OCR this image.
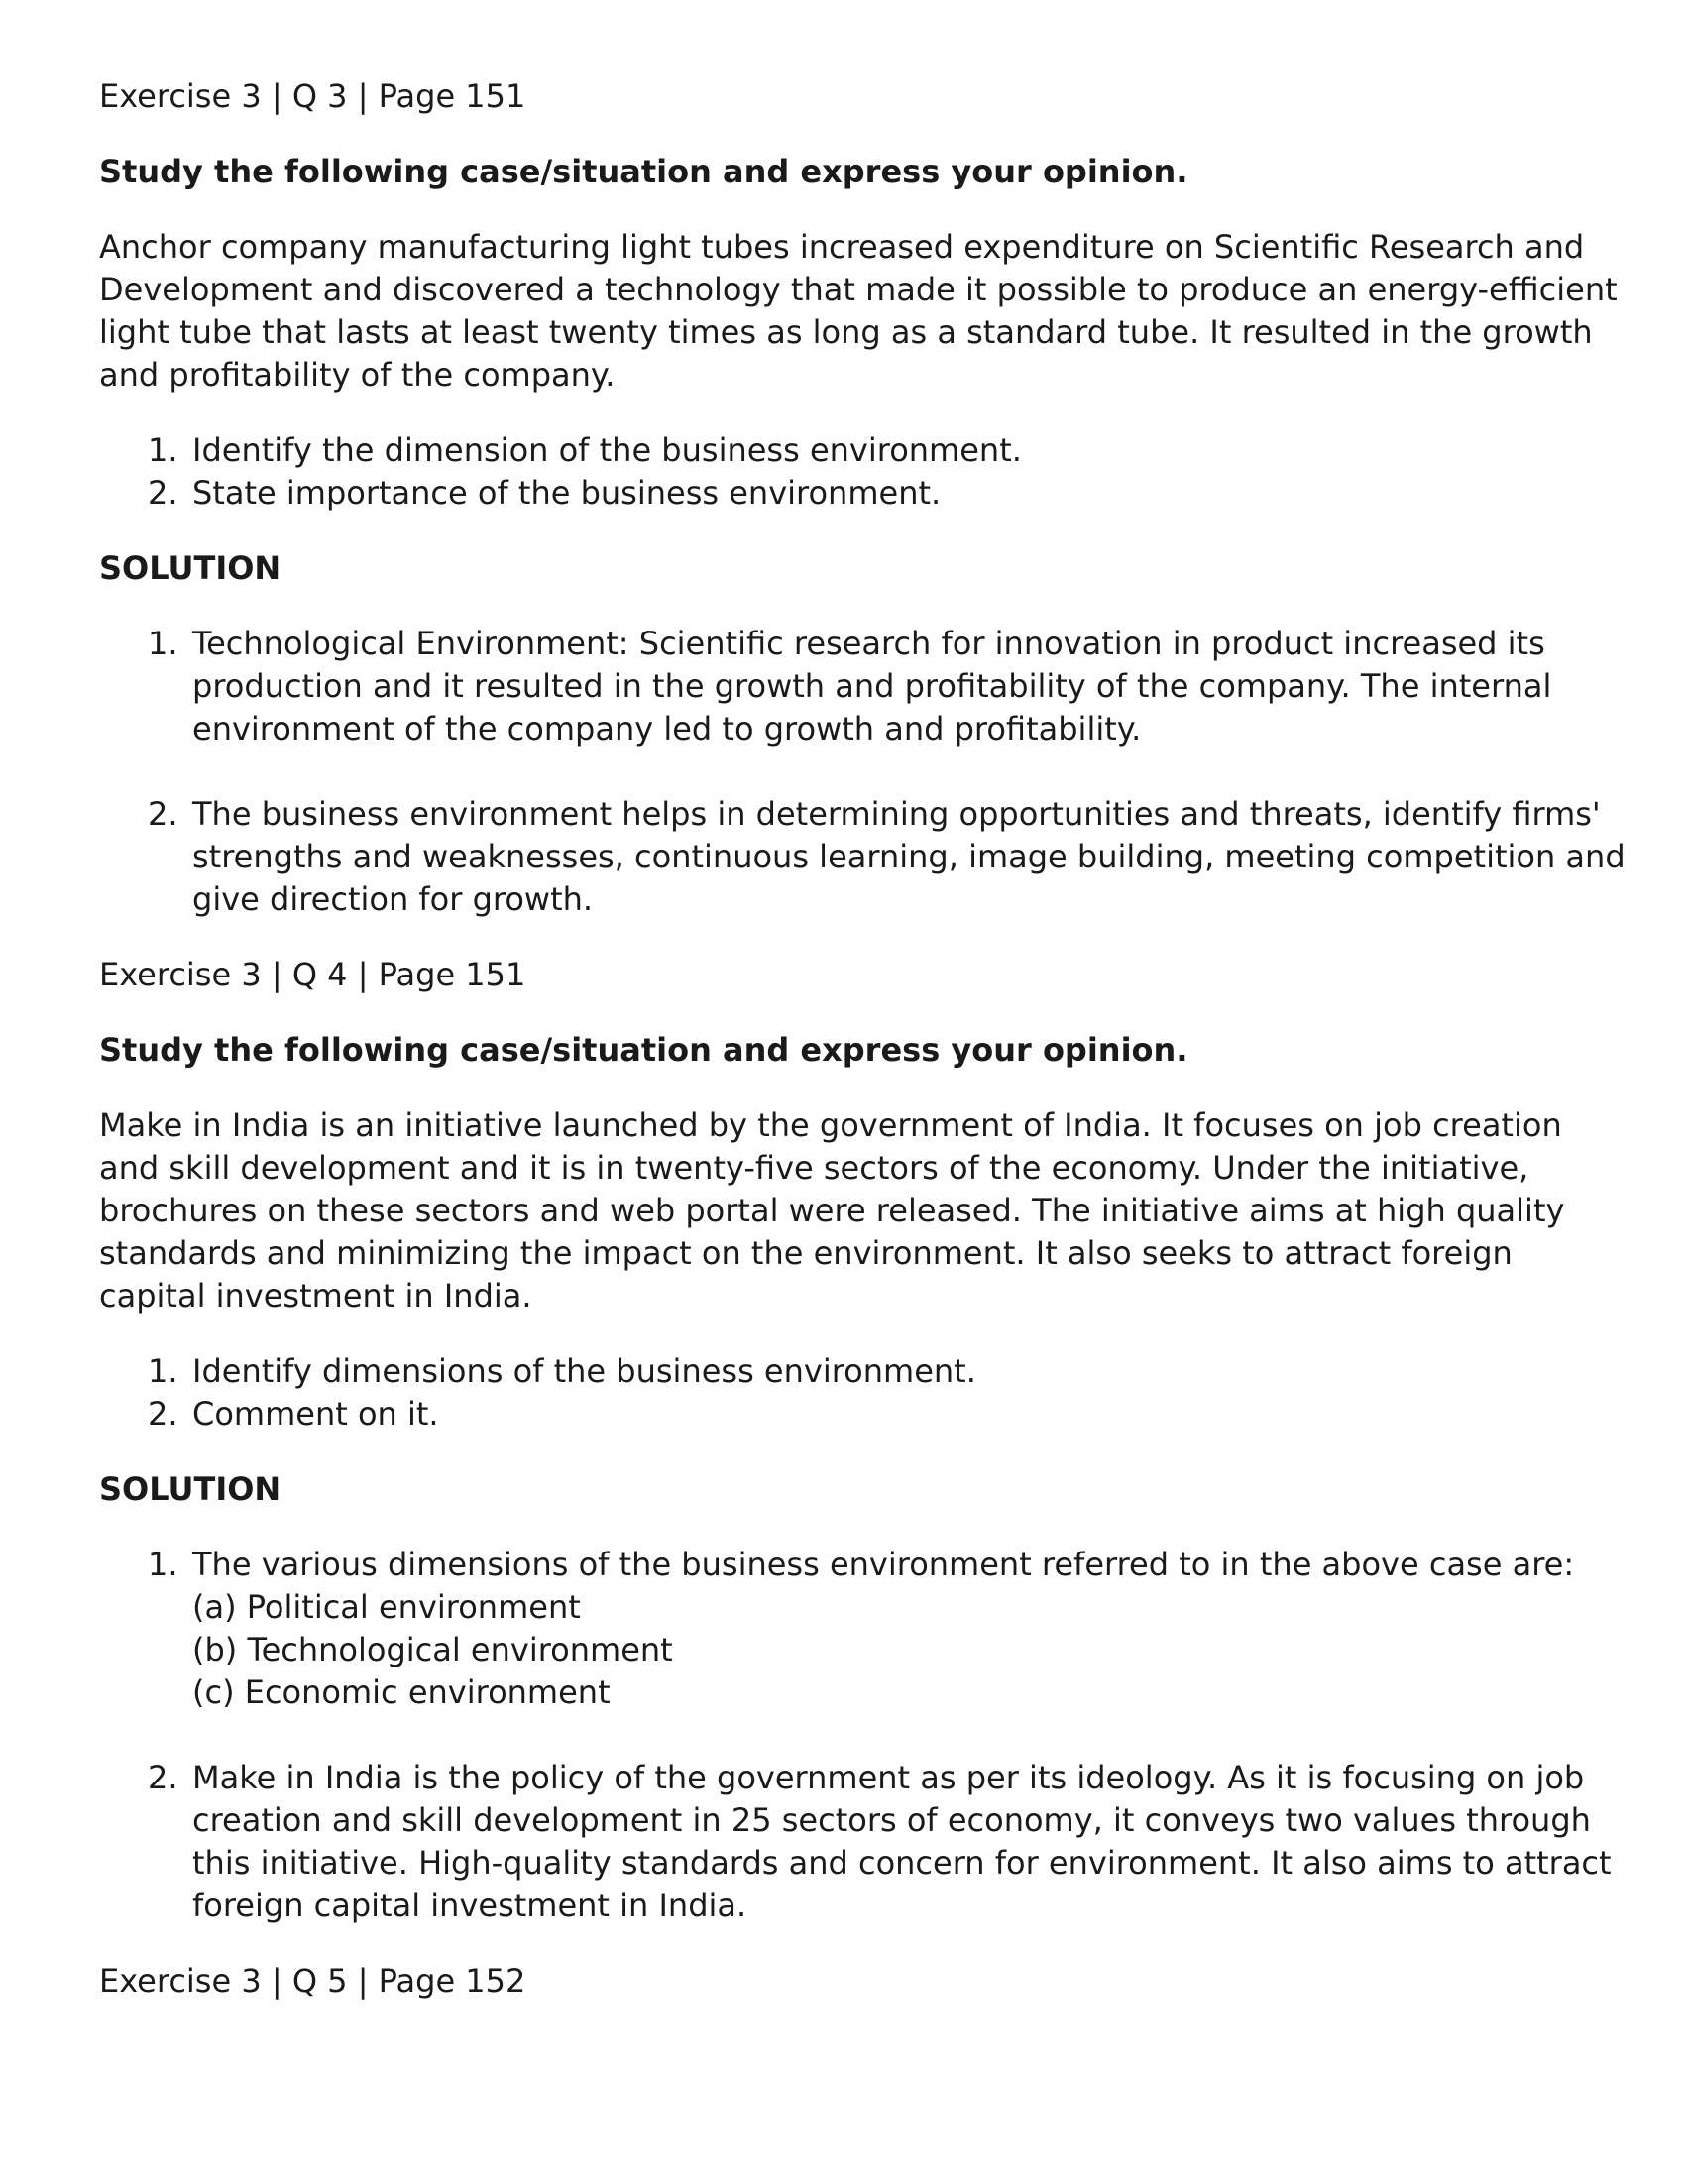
Exercise 3 | Q 3 | Page 151
Study the following case/situation and express your opinion.
Anchor company manufacturing light tubes increased expenditure on Scientific Research and Development and discovered a technology that made it possible to produce an energy-efficient light tube that lasts at least twenty times as long as a standard tube. It resulted in the growth and profitability of the company.
1. Identify the dimension of the business environment.
2. State importance of the business environment.
SOLUTION
1. Technological Environment: Scientific research for innovation in product increased its production and it resulted in the growth and profitability of the company. The internal environment of the company led to growth and profitability.
2. The business environment helps in determining opportunities and threats, identify firms' strengths and weaknesses, continuous learning, image building, meeting competition and give direction for growth.
Exercise 3 | Q 4 | Page 151
Study the following case/situation and express your opinion.
Make in India is an initiative launched by the government of India. It focuses on job creation and skill development and it is in twenty-five sectors of the economy. Under the initiative, brochures on these sectors and web portal were released. The initiative aims at high quality standards and minimizing the impact on the environment. It also seeks to attract foreign capital investment in India.
1. Identify dimensions of the business environment.
2. Comment on it.
SOLUTION
1. The various dimensions of the business environment referred to in the above case are:
(a) Political environment
(b) Technological environment
(c) Economic environment
2. Make in India is the policy of the government as per its ideology. As it is focusing on job creation and skill development in 25 sectors of economy, it conveys two values through this initiative. High-quality standards and concern for environment. It also aims to attract foreign capital investment in India.
Exercise 3 | Q 5 | Page 152
